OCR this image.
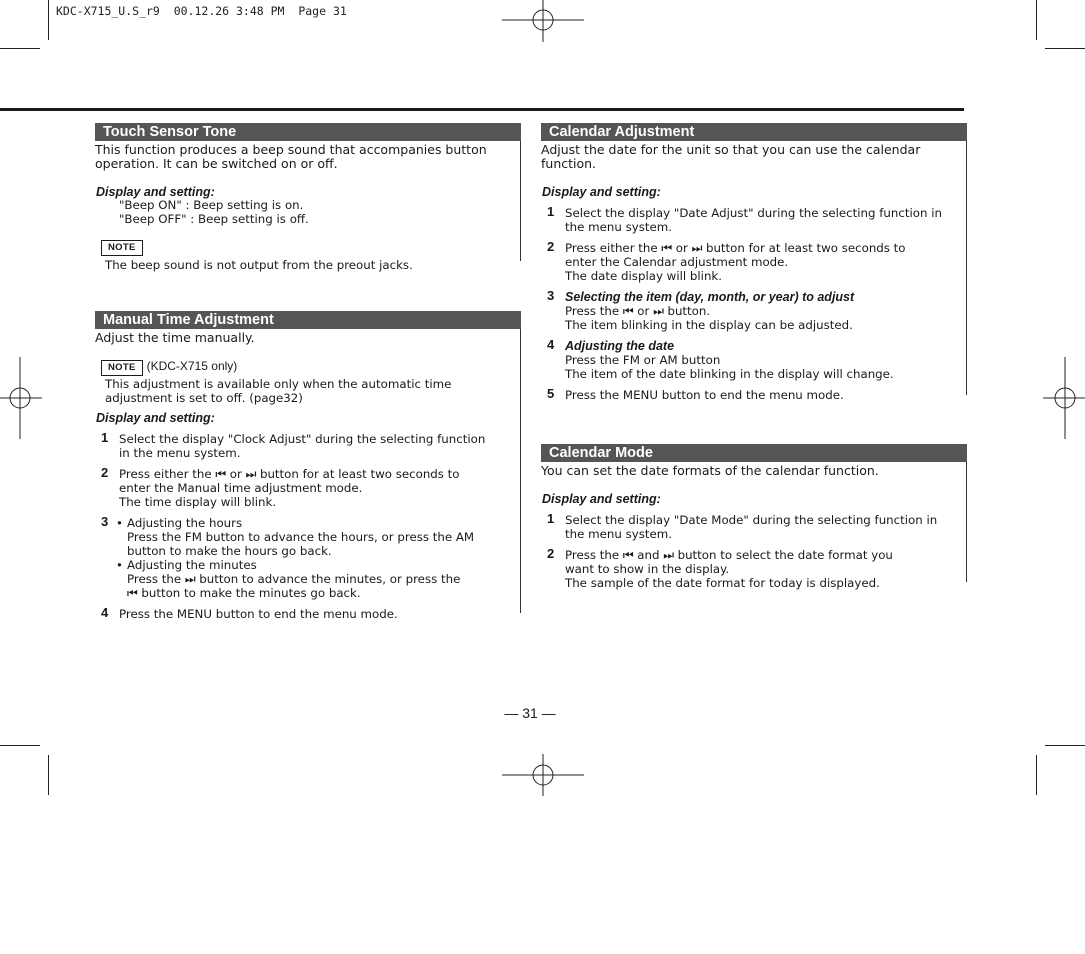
KDC-X715_U.S_r9  00.12.26 3:48 PM  Page 31
Touch Sensor Tone
This function produces a beep sound that accompanies button
operation. It can be switched on or off.
Display and setting:
"Beep ON" : Beep setting is on.
"Beep OFF" : Beep setting is off.
NOTE
The beep sound is not output from the preout jacks.
Manual Time Adjustment
Adjust the time manually.
NOTE (KDC-X715 only)
This adjustment is available only when the automatic time
adjustment is set to off. (page32)
Display and setting:
1 Select the display "Clock Adjust" during the selecting function
in the menu system.
2 Press either the ⏮ or ⏭ button for at least two seconds to
enter the Manual time adjustment mode.
The time display will blink.
3 • Adjusting the hours
Press the FM button to advance the hours, or press the AM
button to make the hours go back.
• Adjusting the minutes
Press the ⏭ button to advance the minutes, or press the
⏮ button to make the minutes go back.
4 Press the MENU button to end the menu mode.
Calendar Adjustment
Adjust the date for the unit so that you can use the calendar
function.
Display and setting:
1 Select the display "Date Adjust" during the selecting function in
the menu system.
2 Press either the ⏮ or ⏭ button for at least two seconds to
enter the Calendar adjustment mode.
The date display will blink.
3 Selecting the item (day, month, or year) to adjust
Press the ⏮ or ⏭ button.
The item blinking in the display can be adjusted.
4 Adjusting the date
Press the FM or AM button
The item of the date blinking in the display will change.
5 Press the MENU button to end the menu mode.
Calendar Mode
You can set the date formats of the calendar function.
Display and setting:
1 Select the display "Date Mode" during the selecting function in
the menu system.
2 Press the ⏮ and ⏭ button to select the date format you
want to show in the display.
The sample of the date format for today is displayed.
— 31 —
